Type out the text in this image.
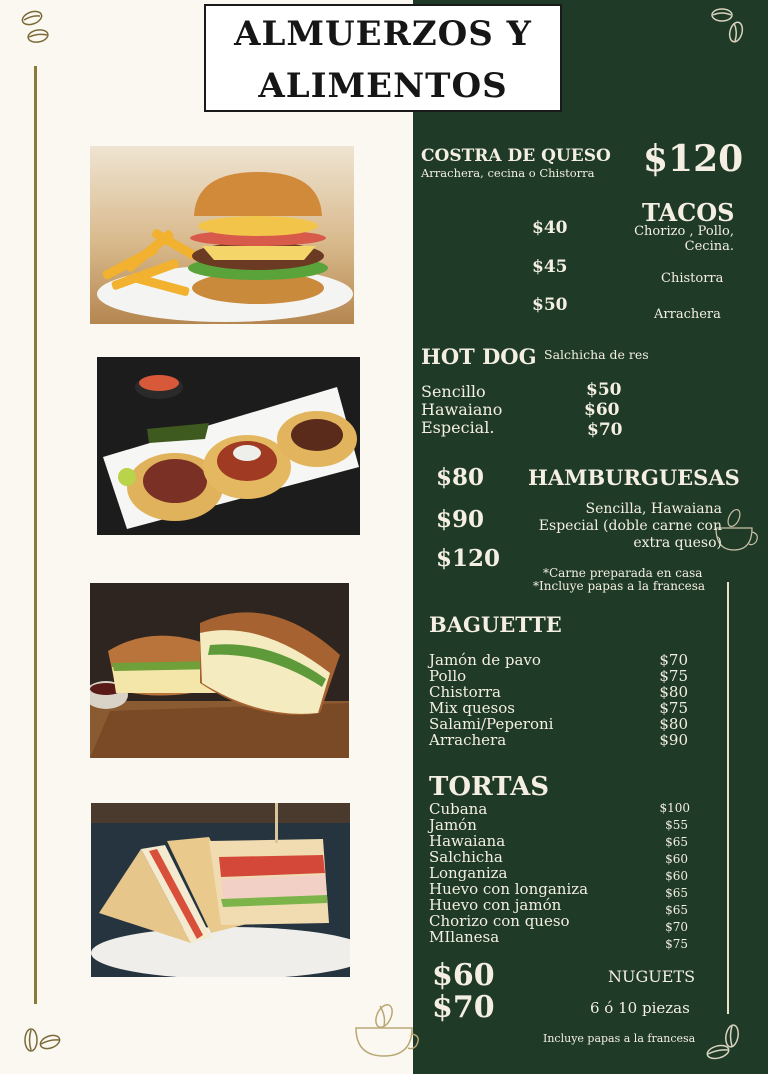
ALMUERZOS Y
ALIMENTOS
COSTRA DE QUESO
Arrachera, cecina o Chistorra $120
TACOS
$40	Chorizo , Pollo,
Cecina.
$45
Chistorra
$50	Arrachera
HOT DOG Salchicha de res
Sencillo
Hawaiano
Especial.
$50
$60
$70
$80
$90
$120
HAMBURGUESAS
Sencilla, Hawaiana
Especial (doble carne con
extra queso)
*Carne preparada en casa
*Incluye papas a la francesa
BAGUETTE
Jamón de pavo
Pollo
Chistorra
Mix quesos
Salami/Peperoni
Arrachera
$70
$75
$80
$75
$80
$90
TORTAS
Cubana
Jamón
Hawaiana
Salchicha
Longaniza
Huevo con longaniza
Huevo con jamón
Chorizo con queso
MIlanesa
$100
$55
$65
$60
$60
$65
$65
$70
$75
$60
$70
NUGUETS
6 ó 10 piezas
Incluye papas a la francesa
